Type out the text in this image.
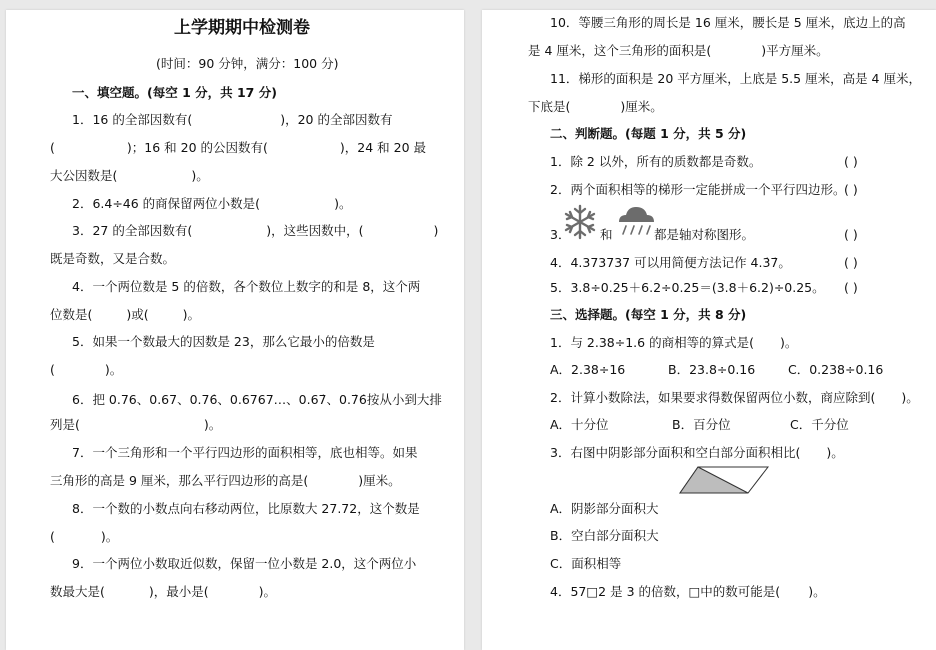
上学期期中检测卷
(时间：90 分钟，满分：100 分)
一、填空题。(每空 1 分，共 17 分)
1．16 的全部因数有(	)，20 的全部因数有
(	)；16 和 20 的公因数有(	)，24 和 20 最
大公因数是(	)。
2．6.4÷46 的商保留两位小数是(	)。
3．27 的全部因数有(	)，这些因数中，(	)
既是奇数，又是合数。
4．一个两位数是 5 的倍数，各个数位上数字的和是 8，这个两
位数是(	)或(	)。
5．如果一个数最大的因数是 23，那么它最小的倍数是
(	)。
6．把 0.76、0.67、0.76̇、0.6767…、0.67̇、0.7̇6̇按从小到大排
列是(	)。
7．一个三角形和一个平行四边形的面积相等，底也相等。如果
三角形的高是 9 厘米，那么平行四边形的高是(	)厘米。
8．一个数的小数点向右移动两位，比原数大 27.72，这个数是
(	)。
9．一个两位小数取近似数，保留一位小数是 2.0，这个两位小
数最大是(	)，最小是(	)。
10．等腰三角形的周长是 16 厘米，腰长是 5 厘米，底边上的高
是 4 厘米，这个三角形的面积是(	)平方厘米。
11．梯形的面积是 20 平方厘米，上底是 5.5 厘米，高是 4 厘米，
下底是(	)厘米。
二、判断题。(每题 1 分，共 5 分)
1．除 2 以外，所有的质数都是奇数。	( )
2．两个面积相等的梯形一定能拼成一个平行四边形。
( )
3． 和	都是轴对称图形。	( )
4．4.373737 可以用简便方法记作 4.3̇7̇。	( )
5．3.8÷0.25＋6.2÷0.25＝(3.8＋6.2)÷0.25。 ( )
三、选择题。(每空 1 分，共 8 分)
1．与 2.38÷1.6 的商相等的算式是( )。
A．2.38÷16	B．23.8÷0.16	C．0.238÷0.16
2．计算小数除法，如果要求得数保留两位小数，商应除到( )。
A．十分位	B．百分位	C．千分位
3．右图中阴影部分面积和空白部分面积相比( )。
A．阴影部分面积大
B．空白部分面积大
C．面积相等
4．57□2 是 3 的倍数，□中的数可能是( )。
